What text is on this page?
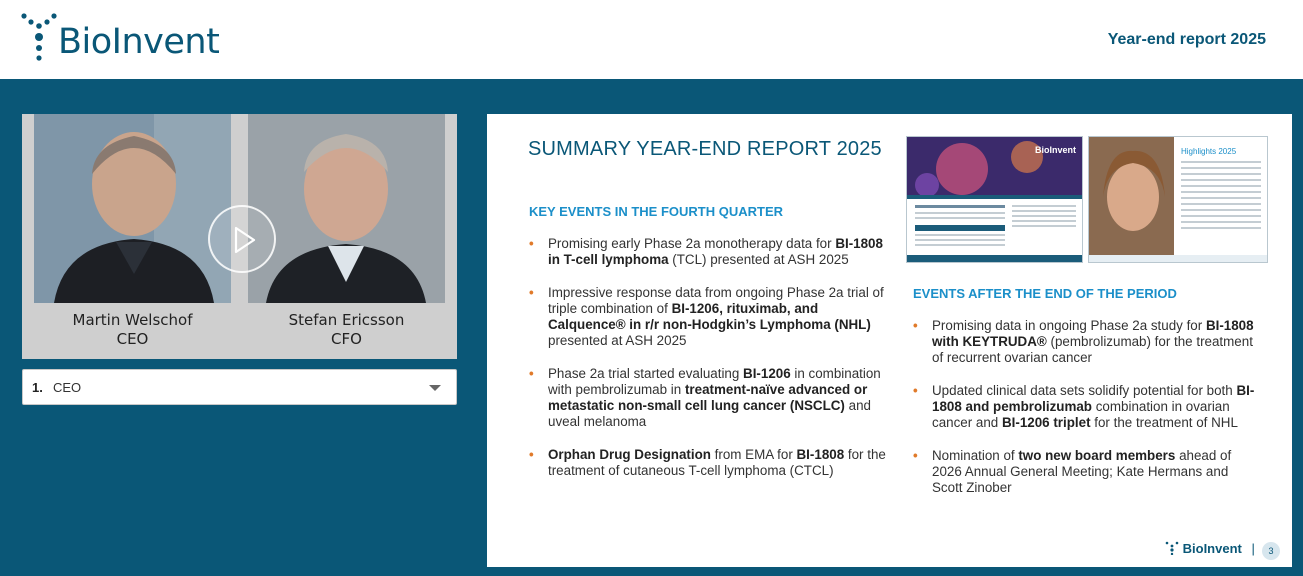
BioInvent	Year-end report 2025
Martin Welschof
CEO
Stefan Ericsson
CFO
1. CEO
SUMMARY YEAR-END REPORT 2025
KEY EVENTS IN THE FOURTH QUARTER
• Promising early Phase 2a monotherapy data for BI-1808 in T-cell lymphoma (TCL) presented at ASH 2025
• Impressive response data from ongoing Phase 2a trial of triple combination of BI-1206, rituximab, and Calquence® in r/r non-Hodgkin’s Lymphoma (NHL) presented at ASH 2025
• Phase 2a trial started evaluating BI-1206 in combination with pembrolizumab in treatment-naïve advanced or metastatic non-small cell lung cancer (NSCLC) and uveal melanoma
• Orphan Drug Designation from EMA for BI-1808 for the treatment of cutaneous T-cell lymphoma (CTCL)
BioInvent	Highlights 2025
EVENTS AFTER THE END OF THE PERIOD
• Promising data in ongoing Phase 2a study for BI-1808 with KEYTRUDA® (pembrolizumab) for the treatment of recurrent ovarian cancer
• Updated clinical data sets solidify potential for both BI-1808 and pembrolizumab combination in ovarian cancer and BI-1206 triplet for the treatment of NHL
• Nomination of two new board members ahead of 2026 Annual General Meeting; Kate Hermans and Scott Zinober
BioInvent |	3
